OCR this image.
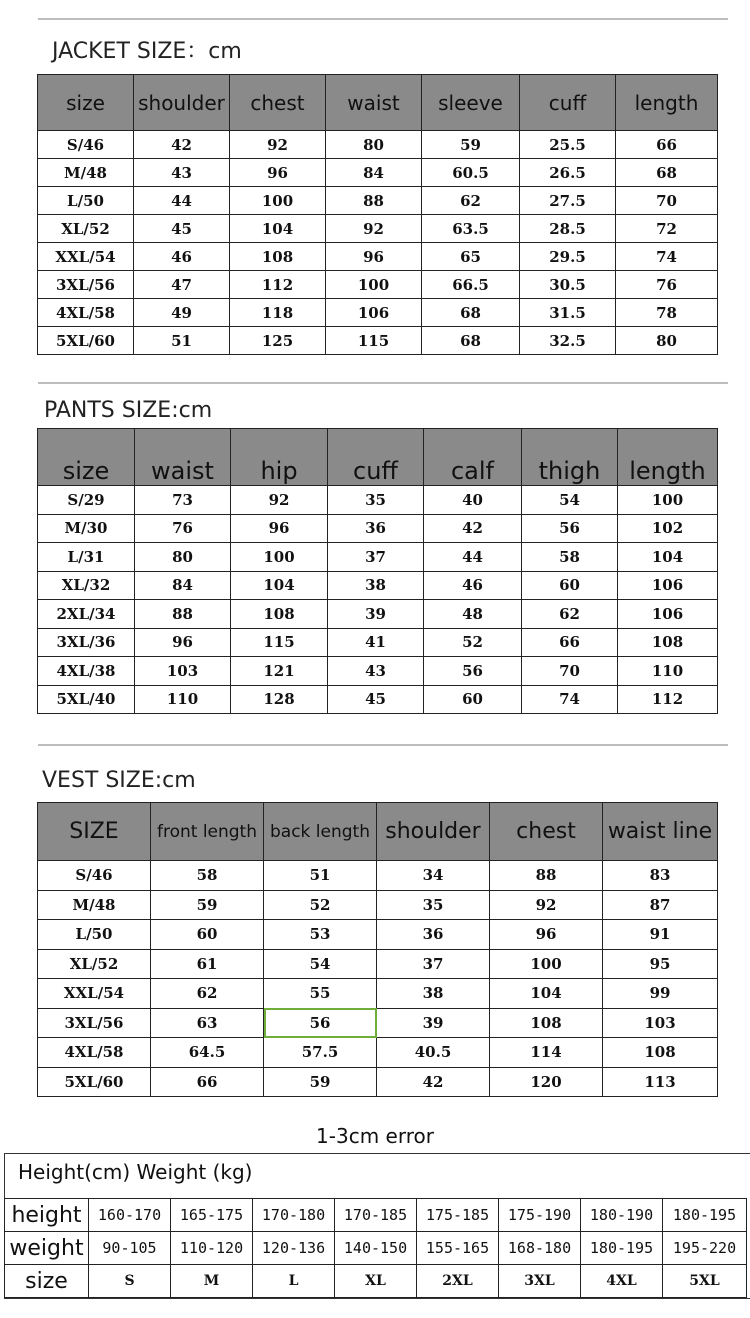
JACKET SIZE：cm
size	shoulder	chest	waist	sleeve	cuff	length
S/46	42	92	80	59	25.5	66
M/48	43	96	84	60.5	26.5	68
L/50	44	100	88	62	27.5	70
XL/52	45	104	92	63.5	28.5	72
XXL/54	46	108	96	65	29.5	74
3XL/56	47	112	100	66.5	30.5	76
4XL/58	49	118	106	68	31.5	78
5XL/60	51	125	115	68	32.5	80
PANTS SIZE:cm
size	waist	hip	cuff	calf	thigh	length
S/29	73	92	35	40	54	100
M/30	76	96	36	42	56	102
L/31	80	100	37	44	58	104
XL/32	84	104	38	46	60	106
2XL/34	88	108	39	48	62	106
3XL/36	96	115	41	52	66	108
4XL/38	103	121	43	56	70	110
5XL/40	110	128	45	60	74	112
VEST SIZE:cm
SIZE	front length	back length	shoulder	chest	waist line
S/46	58	51	34	88	83
M/48	59	52	35	92	87
L/50	60	53	36	96	91
XL/52	61	54	37	100	95
XXL/54	62	55	38	104	99
3XL/56	63	56	39	108	103
4XL/58	64.5	57.5	40.5	114	108
5XL/60	66	59	42	120	113
1-3cm error
Height(cm) Weight (kg)
height	160-170	165-175	170-180	170-185	175-185	175-190	180-190	180-195
weight	90-105	110-120	120-136	140-150	155-165	168-180	180-195	195-220
size	S	M	L	XL	2XL	3XL	4XL	5XL
